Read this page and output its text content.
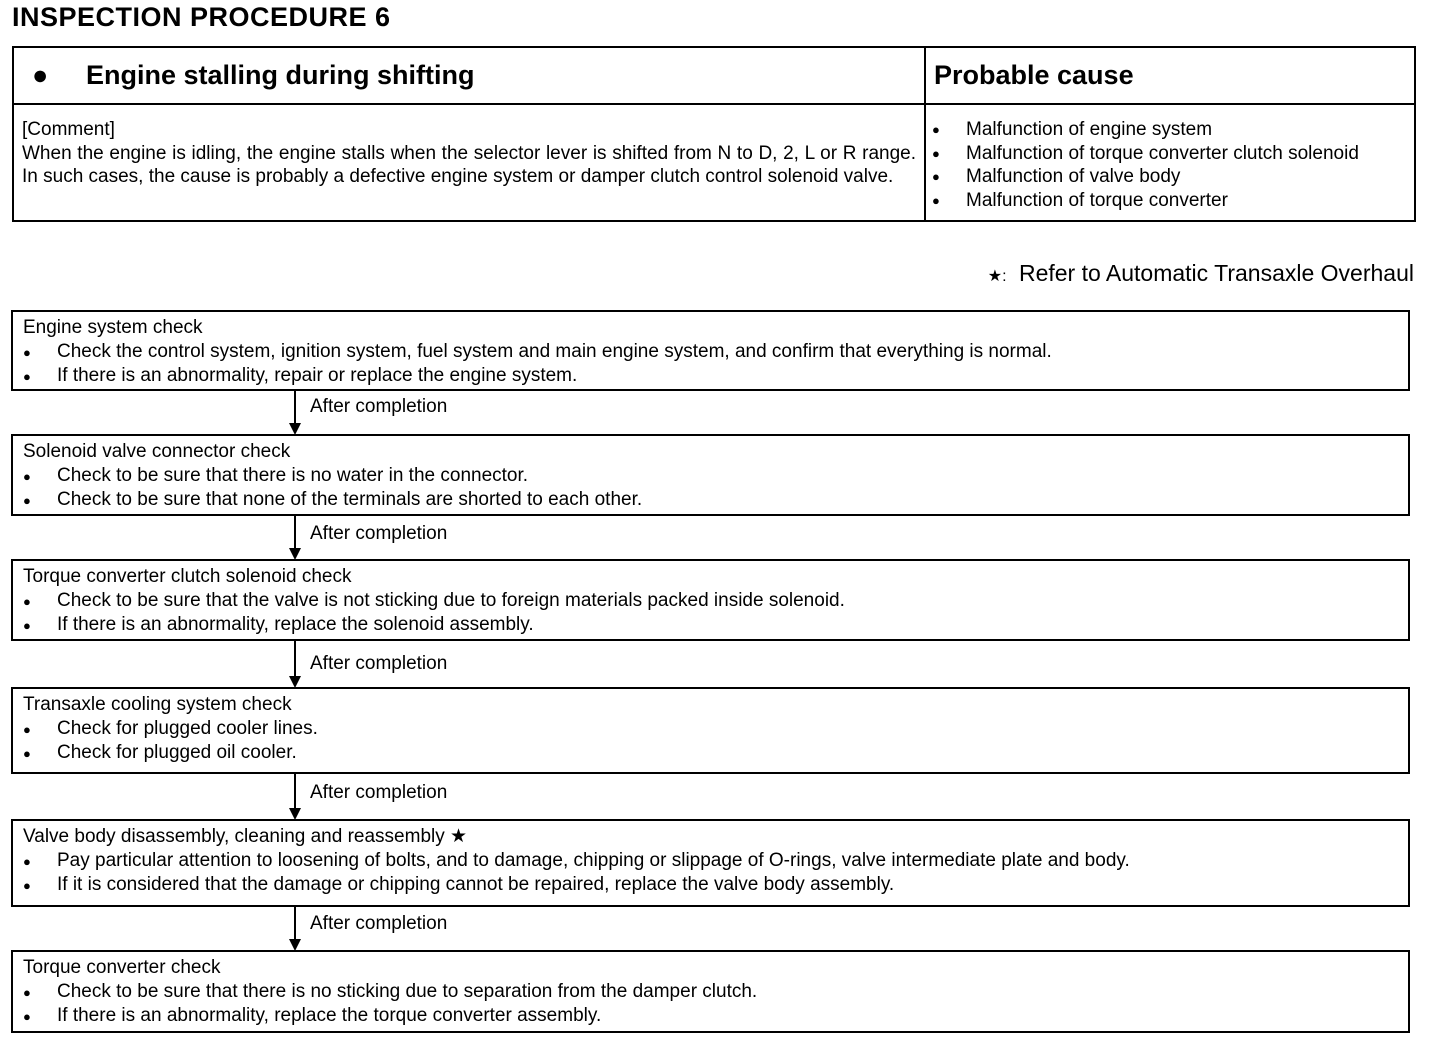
INSPECTION PROCEDURE 6
● Engine stalling during shifting	Probable cause
[Comment]
When the engine is idling, the engine stalls when the selector lever is shifted from N to D, 2, L or R range. In such cases, the cause is probably a defective engine system or damper clutch control solenoid valve.
● Malfunction of engine system
● Malfunction of torque converter clutch solenoid
● Malfunction of valve body
● Malfunction of torque converter
★: Refer to Automatic Transaxle Overhaul
Engine system check
● Check the control system, ignition system, fuel system and main engine system, and confirm that everything is normal.
● If there is an abnormality, repair or replace the engine system.
After completion
Solenoid valve connector check
● Check to be sure that there is no water in the connector.
● Check to be sure that none of the terminals are shorted to each other.
After completion
Torque converter clutch solenoid check
● Check to be sure that the valve is not sticking due to foreign materials packed inside solenoid.
● If there is an abnormality, replace the solenoid assembly.
After completion
Transaxle cooling system check
● Check for plugged cooler lines.
● Check for plugged oil cooler.
After completion
Valve body disassembly, cleaning and reassembly ★
● Pay particular attention to loosening of bolts, and to damage, chipping or slippage of O-rings, valve intermediate plate and body.
● If it is considered that the damage or chipping cannot be repaired, replace the valve body assembly.
After completion
Torque converter check
● Check to be sure that there is no sticking due to separation from the damper clutch.
● If there is an abnormality, replace the torque converter assembly.
